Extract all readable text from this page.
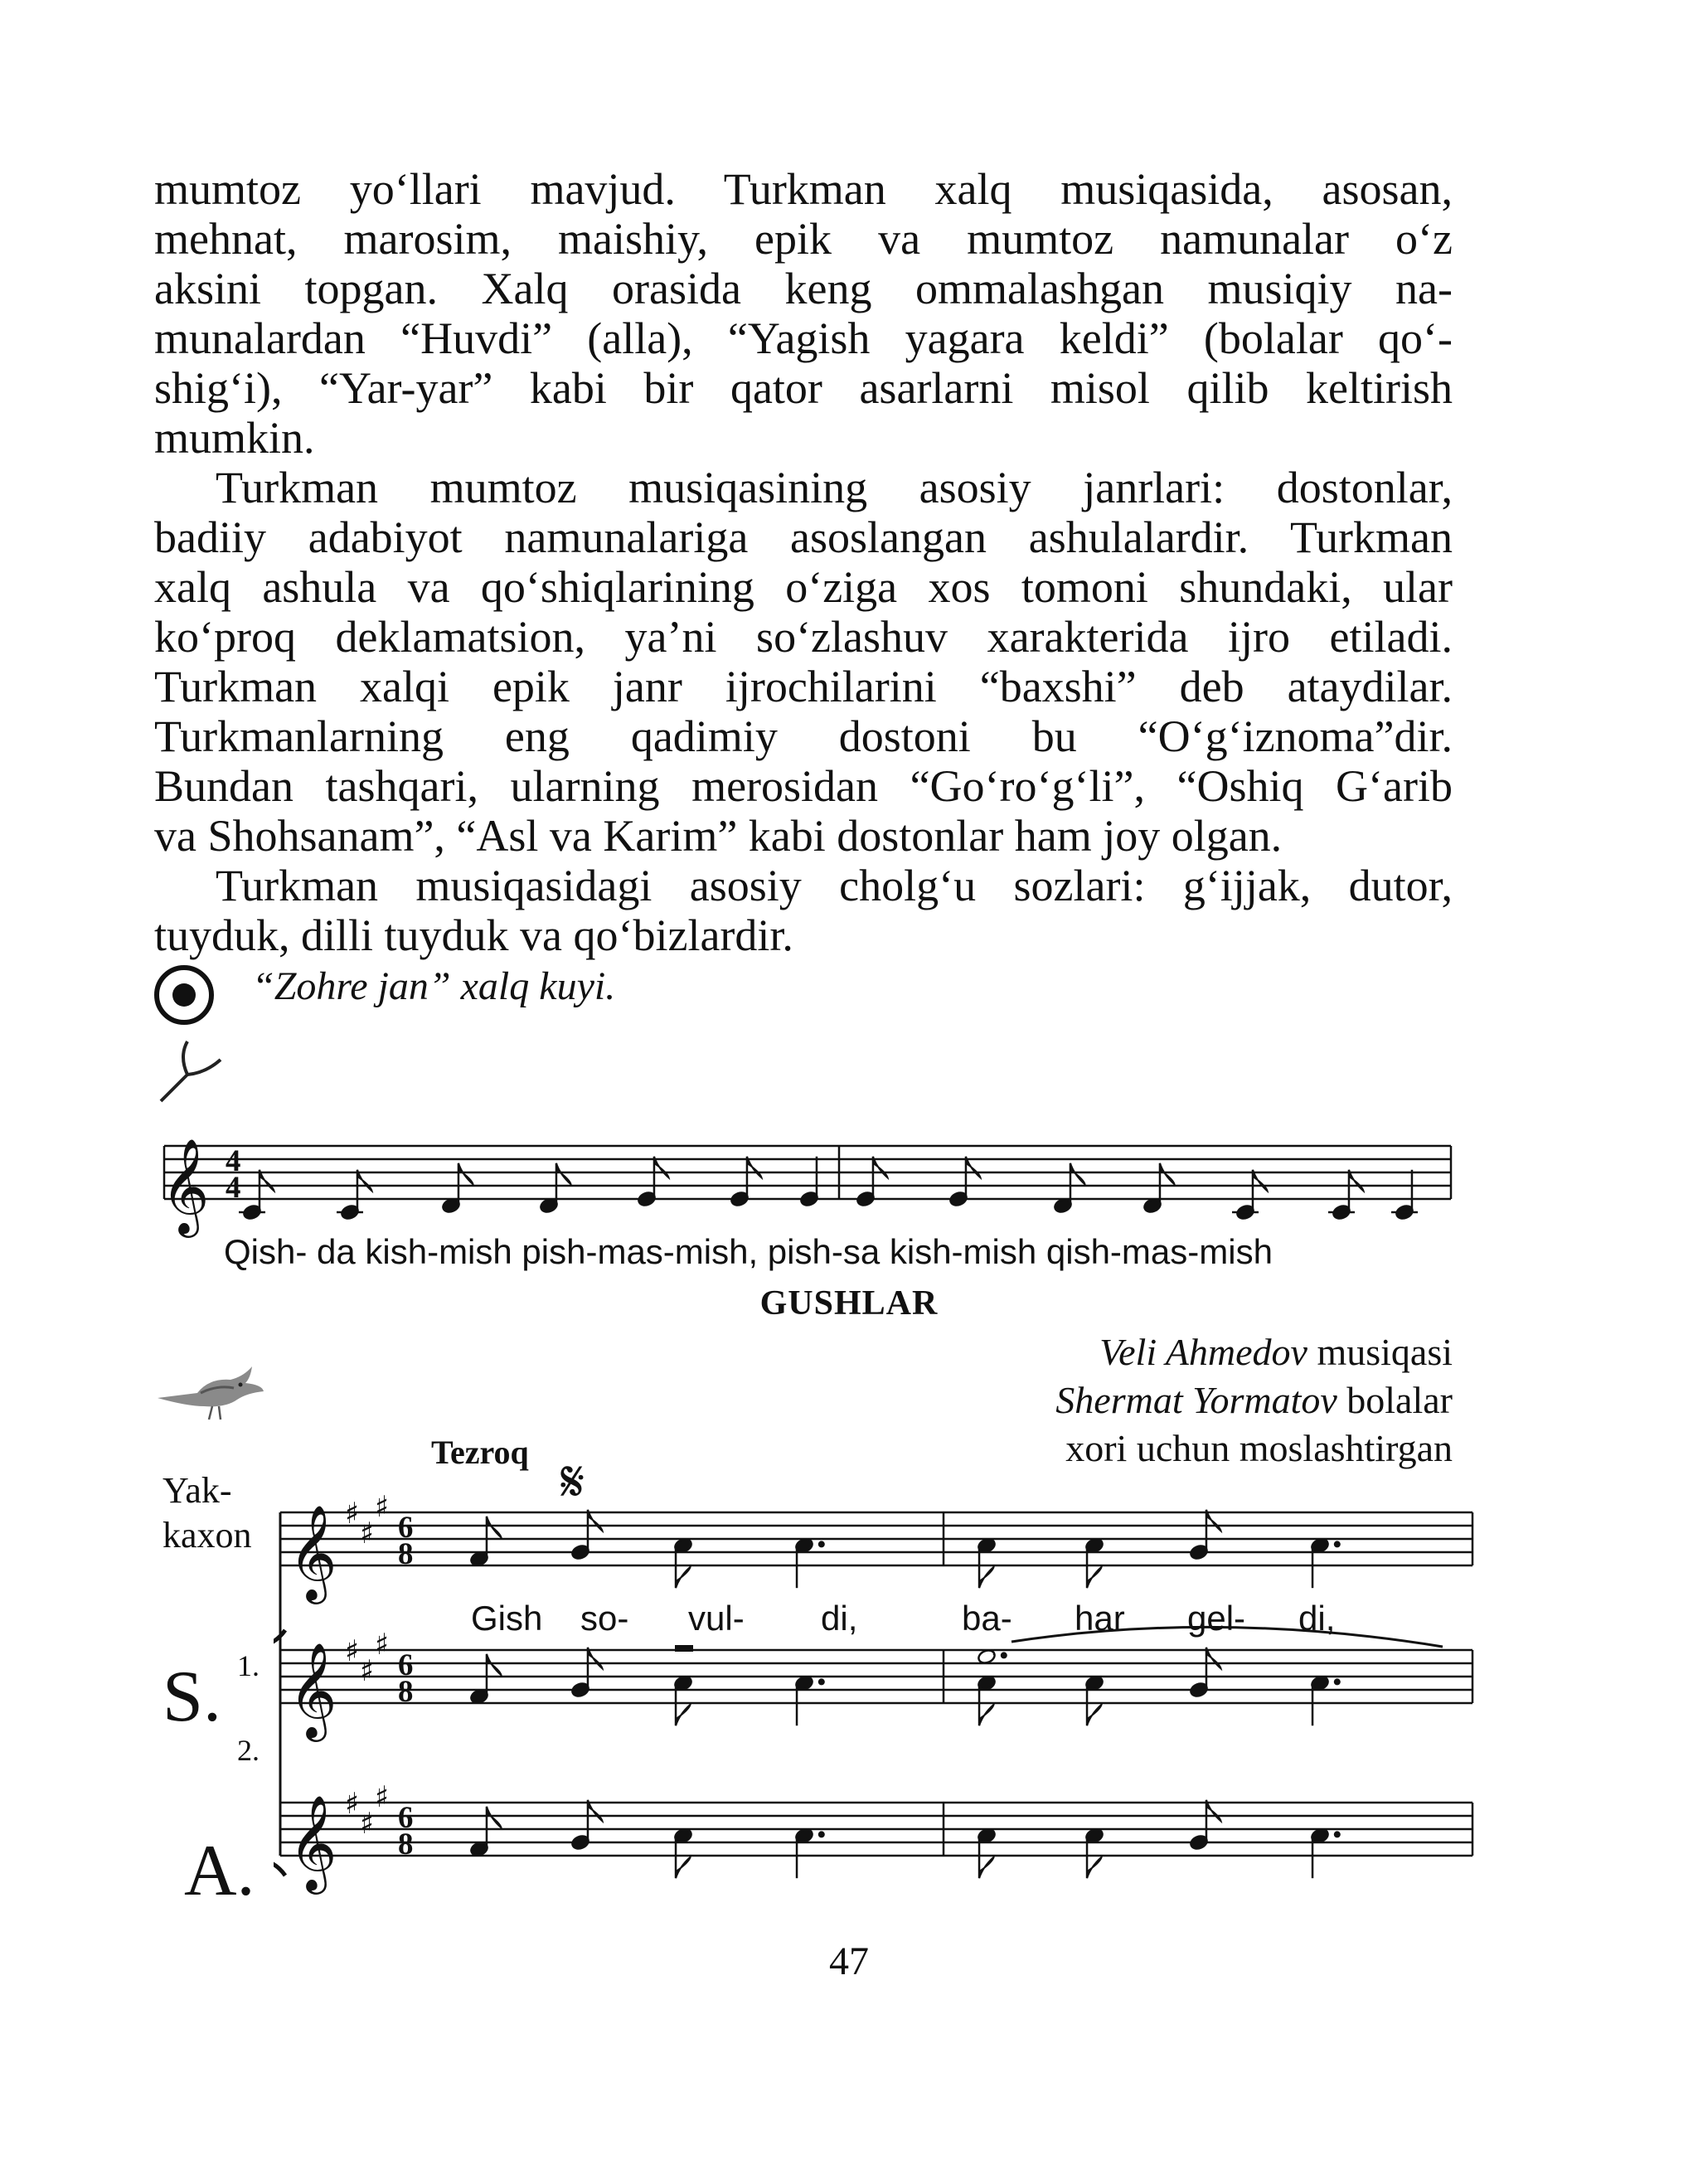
mumtoz yo‘llari mavjud. Turkman xalq musiqasida, asosan,
mehnat, marosim, maishiy, epik va mumtoz namunalar o‘z
aksini topgan. Xalq orasida keng ommalashgan musiqiy na-
munalardan “Huvdi” (alla), “Yagish yagara keldi” (bolalar qo‘-
shig‘i), “Yar-yar” kabi bir qator asarlarni misol qilib keltirish
mumkin.
Turkman mumtoz musiqasining asosiy janrlari: dostonlar,
badiiy adabiyot namunalariga asoslangan ashulalardir. Turkman
xalq ashula va qo‘shiqlarining o‘ziga xos tomoni shundaki, ular
ko‘proq deklamatsion, ya’ni so‘zlashuv xarakterida ijro etiladi.
Turkman xalqi epik janr ijrochilarini “baxshi” deb ataydilar.
Turkmanlarning eng qadimiy dostoni bu “O‘g‘iznoma”dir.
Bundan tashqari, ularning merosidan “Go‘ro‘g‘li”, “Oshiq G‘arib
va Shohsanam”, “Asl va Karim” kabi dostonlar ham joy olgan.
Turkman musiqasidagi asosiy cholg‘u sozlari: g‘ijjak, dutor,
tuyduk, dilli tuyduk va qo‘bizlardir.
“Zohre jan” xalq kuyi.
𝄞 4
4
Qish- da kish-mish pish-mas-mish, pish-sa kish-mish qish-mas-mish
GUSHLAR
Veli Ahmedov musiqasi
Shermat Yormatov bolalar
xori uchun moslashtirgan
Tezroq
Yak-
kaxon
S. 1.
2.
A.
𝄞 ♯
♯
♯
6
8
𝄞 ♯
♯
♯
6
8
𝄞 ♯
♯
♯
6
8
𝄋
Gish so- vul- di,	ba- har gel- di,
47
